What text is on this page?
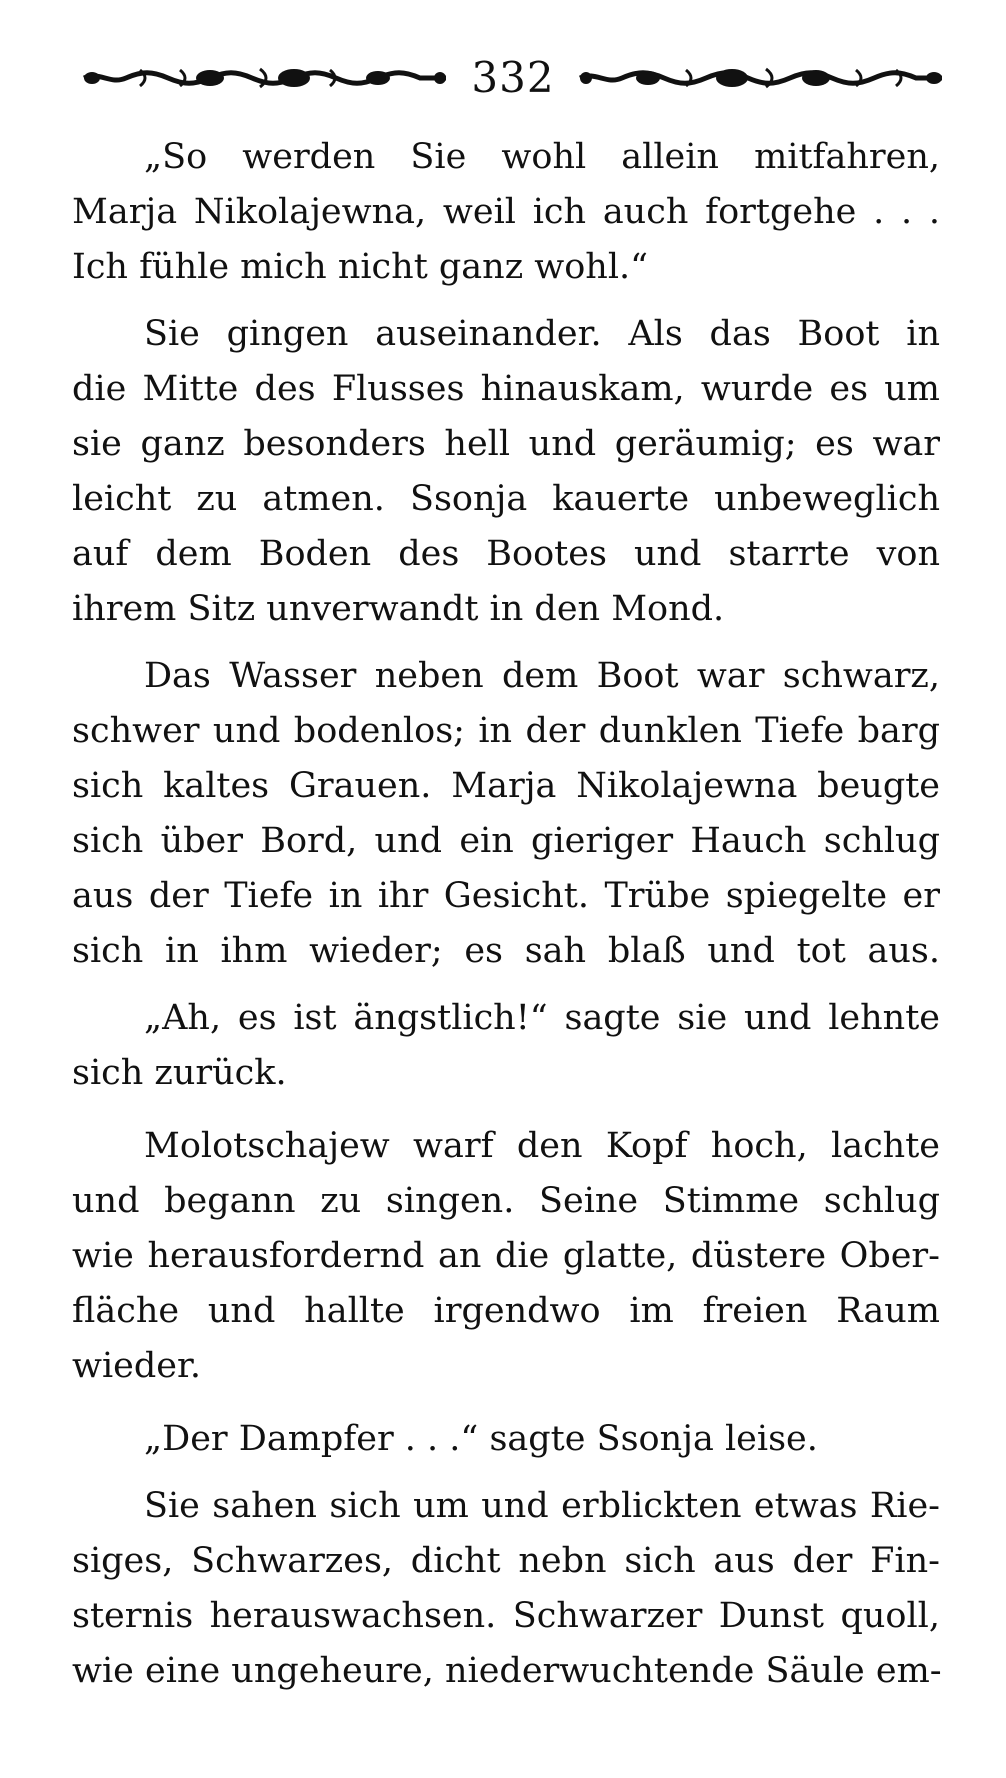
332
„So werden Sie wohl allein mitfahren,
Marja Nikolajewna, weil ich auch fortgehe . . .
Ich fühle mich nicht ganz wohl.“
Sie gingen auseinander. Als das Boot in
die Mitte des Flusses hinauskam, wurde es um
sie ganz besonders hell und geräumig; es war
leicht zu atmen. Ssonja kauerte unbeweglich
auf dem Boden des Bootes und starrte von
ihrem Sitz unverwandt in den Mond.
Das Wasser neben dem Boot war schwarz,
schwer und bodenlos; in der dunklen Tiefe barg
sich kaltes Grauen. Marja Nikolajewna beugte
sich über Bord, und ein gieriger Hauch schlug
aus der Tiefe in ihr Gesicht. Trübe spiegelte er
sich in ihm wieder; es sah blaß und tot aus.
„Ah, es ist ängstlich!“ sagte sie und lehnte
sich zurück.
Molotschajew warf den Kopf hoch, lachte
und begann zu singen. Seine Stimme schlug
wie herausfordernd an die glatte, düstere Ober-
fläche und hallte irgendwo im freien Raum
wieder.
„Der Dampfer . . .“ sagte Ssonja leise.
Sie sahen sich um und erblickten etwas Rie-
siges, Schwarzes, dicht nebn sich aus der Fin-
sternis herauswachsen. Schwarzer Dunst quoll,
wie eine ungeheure, niederwuchtende Säule em-
